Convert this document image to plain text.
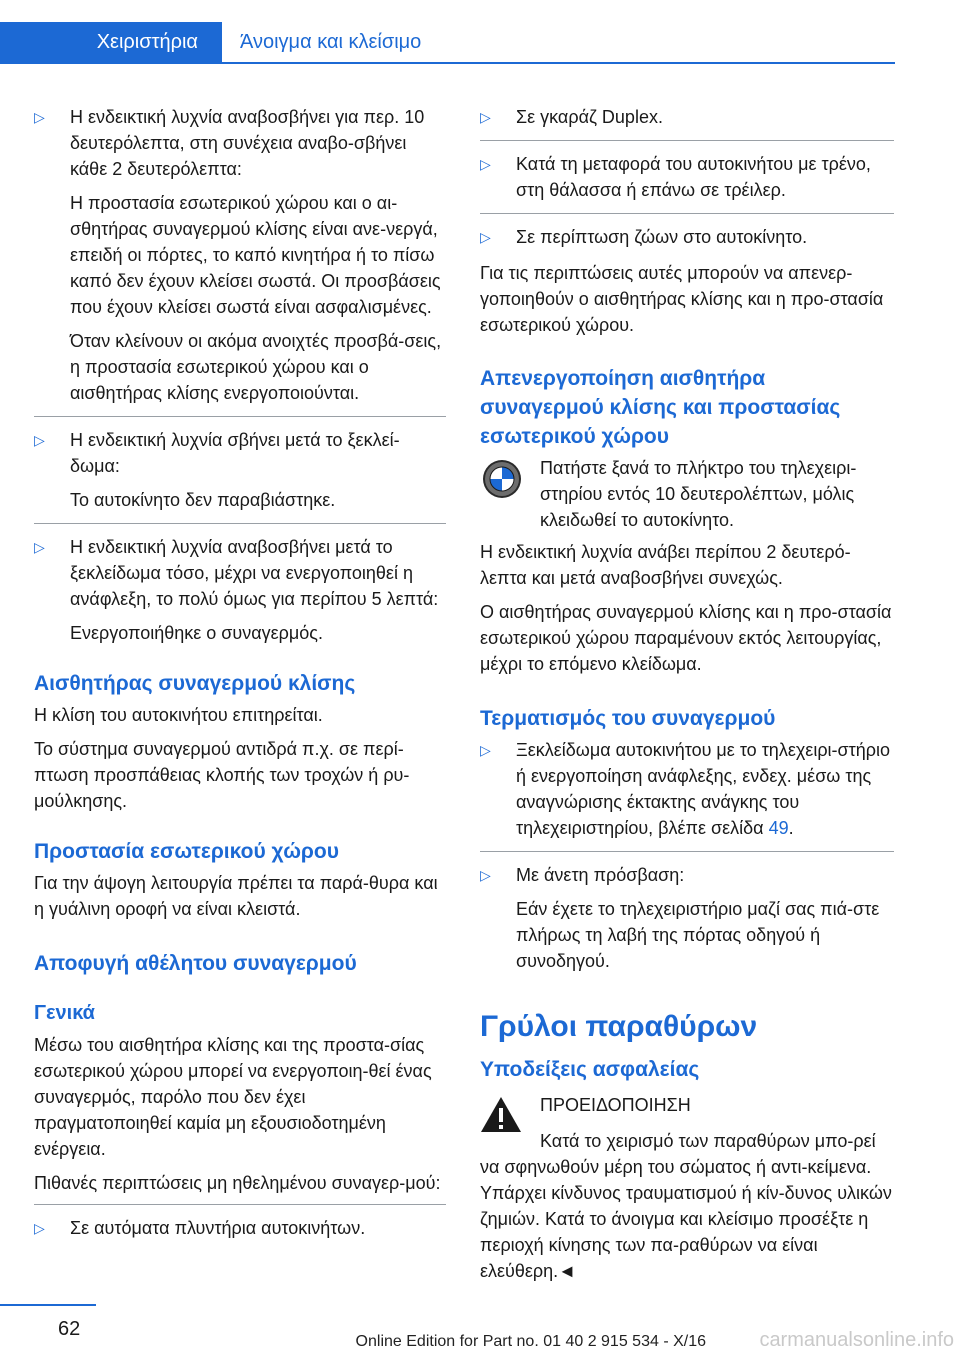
Χειριστήρια	Άνοιγμα και κλείσιμο
▷ Η ενδεικτική λυχνία αναβοσβήνει για περ. 10 δευτερόλεπτα, στη συνέχεια αναβο-σβήνει κάθε 2 δευτερόλεπτα:
Η προστασία εσωτερικού χώρου και ο αι-σθητήρας συναγερμού κλίσης είναι ανε-νεργά, επειδή οι πόρτες, το καπό κινητήρα ή το πίσω καπό δεν έχουν κλείσει σωστά. Οι προσβάσεις που έχουν κλείσει σωστά είναι ασφαλισμένες.
Όταν κλείνουν οι ακόμα ανοιχτές προσβά-σεις, η προστασία εσωτερικού χώρου και ο αισθητήρας κλίσης ενεργοποιούνται.
▷ Η ενδεικτική λυχνία σβήνει μετά το ξεκλεί-δωμα:
Το αυτοκίνητο δεν παραβιάστηκε.
▷ Η ενδεικτική λυχνία αναβοσβήνει μετά το ξεκλείδωμα τόσο, μέχρι να ενεργοποιηθεί η ανάφλεξη, το πολύ όμως για περίπου 5 λεπτά:
Ενεργοποιήθηκε ο συναγερμός.
Αισθητήρας συναγερμού κλίσης

Η κλίση του αυτοκινήτου επιτηρείται.

Το σύστημα συναγερμού αντιδρά π.χ. σε περί-πτωση προσπάθειας κλοπής των τροχών ή ρυ-μούλκησης.

Προστασία εσωτερικού χώρου

Για την άψογη λειτουργία πρέπει τα παρά-θυρα και η γυάλινη οροφή να είναι κλειστά.

Αποφυγή αθέλητου συναγερμού
Γενικά

Μέσω του αισθητήρα κλίσης και της προστα-σίας εσωτερικού χώρου μπορεί να ενεργοποιη-θεί ένας συναγερμός, παρόλο που δεν έχει πραγματοποιηθεί καμία μη εξουσιοδοτημένη ενέργεια.

Πιθανές περιπτώσεις μη ηθελημένου συναγερ-μού:

▷ Σε αυτόματα πλυντήρια αυτοκινήτων.
▷ Σε γκαράζ Duplex.
▷ Κατά τη μεταφορά του αυτοκινήτου με τρένο, στη θάλασσα ή επάνω σε τρέιλερ.
▷ Σε περίπτωση ζώων στο αυτοκίνητο.

Για τις περιπτώσεις αυτές μπορούν να απενερ-γοποιηθούν ο αισθητήρας κλίσης και η προ-στασία εσωτερικού χώρου.

Απενεργοποίηση αισθητήρα συναγερμού κλίσης και προστασίας εσωτερικού χώρου
Πατήστε ξανά το πλήκτρο του τηλεχειρι-στηρίου εντός 10 δευτερολέπτων, μόλις κλειδωθεί το αυτοκίνητο.

Η ενδεικτική λυχνία ανάβει περίπου 2 δευτερό-λεπτα και μετά αναβοσβήνει συνεχώς.

Ο αισθητήρας συναγερμού κλίσης και η προ-στασία εσωτερικού χώρου παραμένουν εκτός λειτουργίας, μέχρι το επόμενο κλείδωμα.

Τερματισμός του συναγερμού
▷ Ξεκλείδωμα αυτοκινήτου με το τηλεχειρι-στήριο ή ενεργοποίηση ανάφλεξης, ενδεχ. μέσω της αναγνώρισης έκτακτης ανάγκης του τηλεχειριστηρίου, βλέπε σελίδα 49.
▷ Με άνετη πρόσβαση:
Εάν έχετε το τηλεχειριστήριο μαζί σας πιά-στε πλήρως τη λαβή της πόρτας οδηγού ή συνοδηγού.
Γρύλοι παραθύρων
Υποδείξεις ασφαλείας
ΠΡΟΕΙΔΟΠΟΙΗΣΗ

Κατά το χειρισμό των παραθύρων μπο-ρεί να σφηνωθούν μέρη του σώματος ή αντι-κείμενα. Υπάρχει κίνδυνος τραυματισμού ή κίν-δυνος υλικών ζημιών. Κατά το άνοιγμα και κλείσιμο προσέξτε η περιοχή κίνησης των πα-ραθύρων να είναι ελεύθερη.◄

62
Online Edition for Part no. 01 40 2 915 534 - X/16	carmanualsonline.info
